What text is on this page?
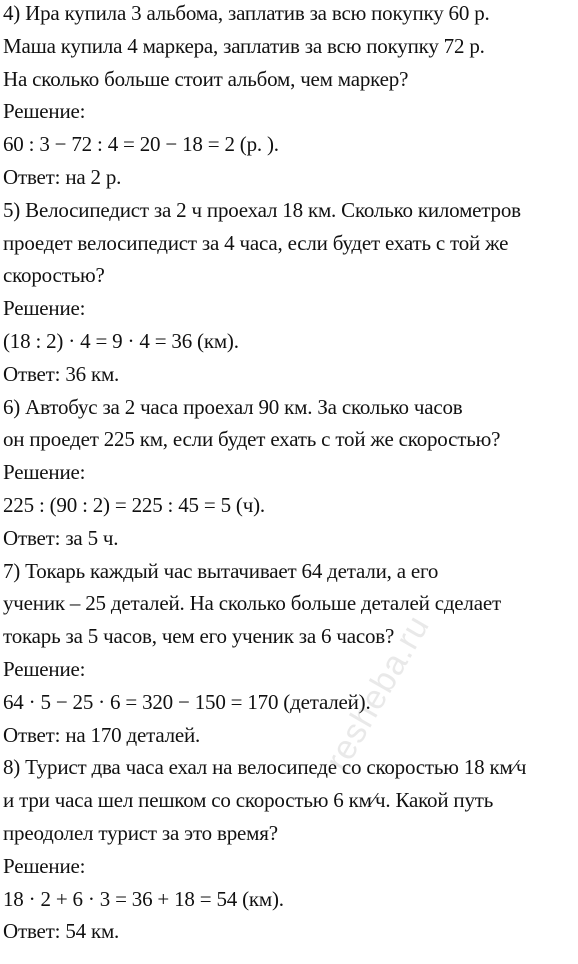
4) Ира купила 3 альбома, заплатив за всю покупку 60 р.
Маша купила 4 маркера, заплатив за всю покупку 72 р.
На сколько больше стоит альбом, чем маркер?
Решение:
60 : 3 − 72 : 4 = 20 − 18 = 2 (р. ).
Ответ: на 2 р.
5) Велосипедист за 2 ч проехал 18 км. Сколько километров
проедет велосипедист за 4 часа, если будет ехать с той же
скоростью?
Решение:
(18 : 2) · 4 = 9 · 4 = 36 (км).
Ответ: 36 км.
6) Автобус за 2 часа проехал 90 км. За сколько часов
он проедет 225 км, если будет ехать с той же скоростью?
Решение:
225 : (90 : 2) = 225 : 45 = 5 (ч).
Ответ: за 5 ч.
7) Токарь каждый час вытачивает 64 детали, а его
ученик – 25 деталей. На сколько больше деталей сделает
токарь за 5 часов, чем его ученик за 6 часов?
Решение:
64 · 5 − 25 · 6 = 320 − 150 = 170 (деталей).
Ответ: на 170 деталей.
8) Турист два часа ехал на велосипеде со скоростью 18 км⁄ч
и три часа шел пешком со скоростью 6 км⁄ч. Какой путь
преодолел турист за это время?
Решение:
18 · 2 + 6 · 3 = 36 + 18 = 54 (км).
Ответ: 54 км.
resheba.ru
